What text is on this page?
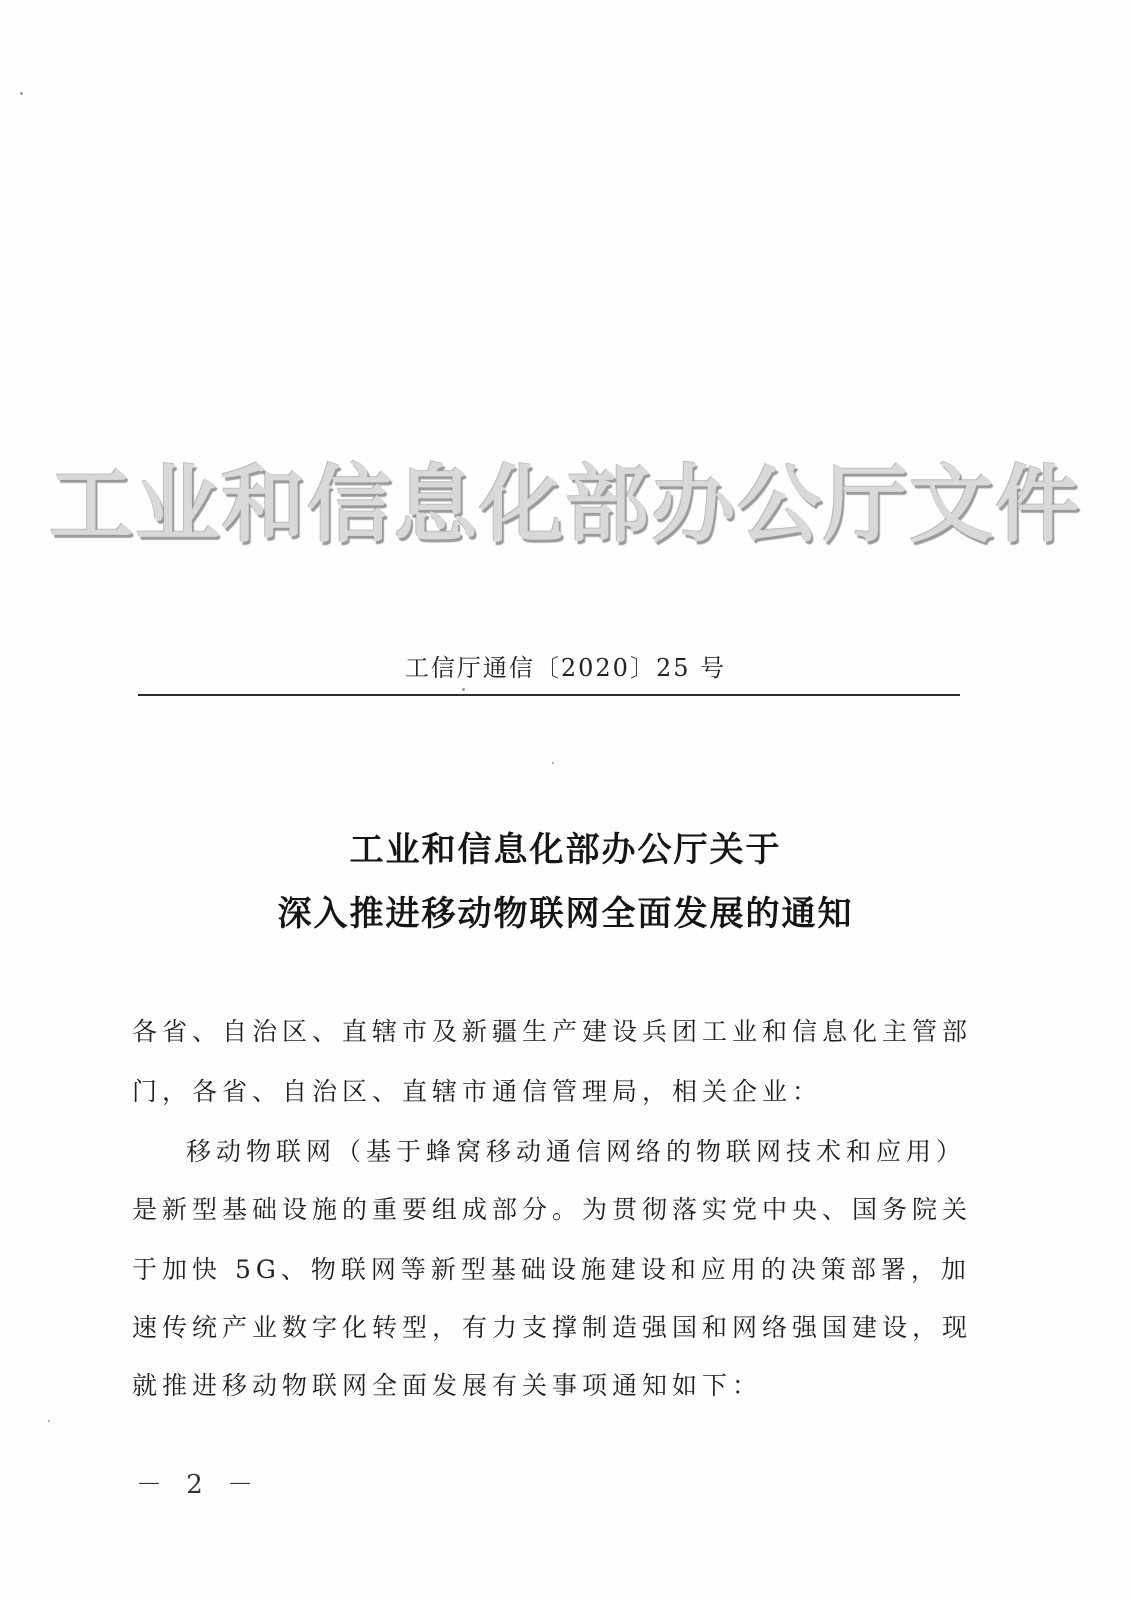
工业和信息化部办公厅文件
工信厅通信〔2020〕25 号
工业和信息化部办公厅关于
深入推进移动物联网全面发展的通知
各省、自治区、直辖市及新疆生产建设兵团工业和信息化主管部
门，各省、自治区、直辖市通信管理局，相关企业：
移动物联网（基于蜂窝移动通信网络的物联网技术和应用）
是新型基础设施的重要组成部分。为贯彻落实党中央、国务院关
于加快 5G、物联网等新型基础设施建设和应用的决策部署，加
速传统产业数字化转型，有力支撑制造强国和网络强国建设，现
就推进移动物联网全面发展有关事项通知如下：
－ 2 －
